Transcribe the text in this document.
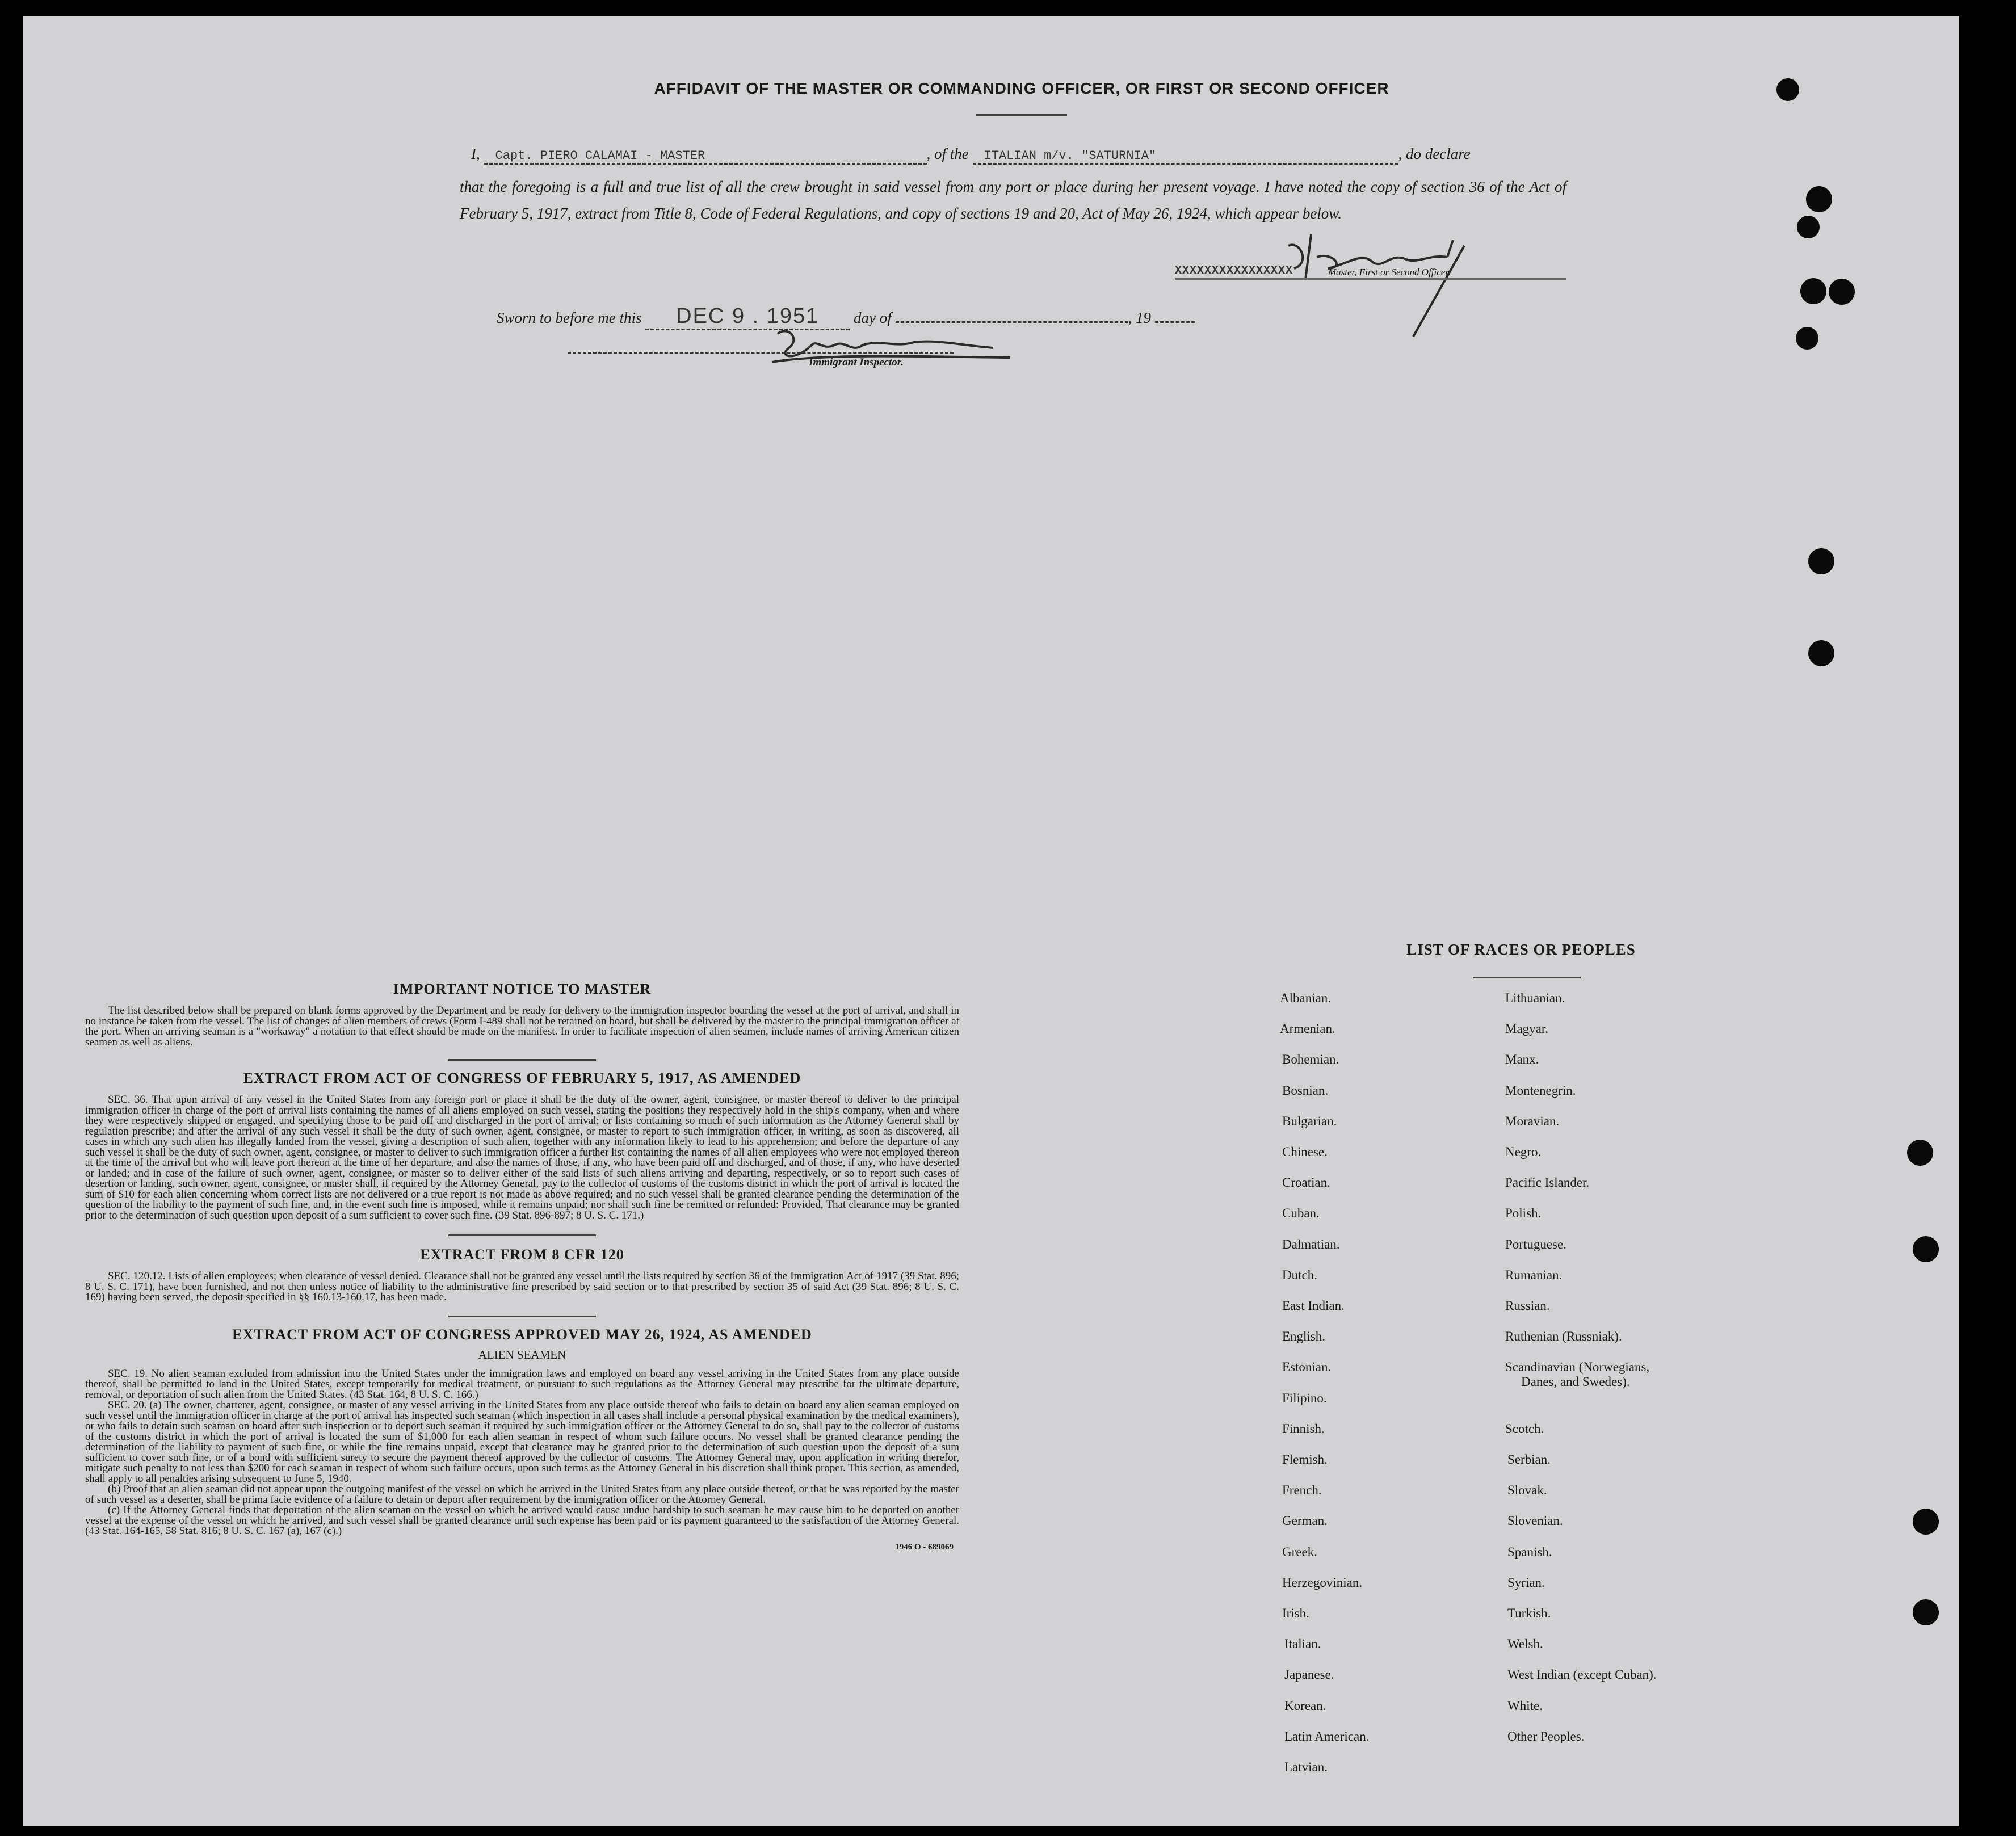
AFFIDAVIT OF THE MASTER OR COMMANDING OFFICER, OR FIRST OR SECOND OFFICER
I, Capt. PIERO CALAMAI - MASTER	, of the ITALIAN m/v. "SATURNIA"	, do declare
that the foregoing is a full and true list of all the crew brought in said vessel from any port or place during her present voyage. I have noted the copy of section 36 of the Act of February 5, 1917, extract from Title 8, Code of Federal Regulations, and copy of sections 19 and 20, Act of May 26, 1924, which appear below.
XXXXXXXXXXXXXXXX	Master, First or Second Officer.
Sworn to before me this DEC 9 . 1951 day of	, 19
Immigrant Inspector.
IMPORTANT NOTICE TO MASTER

The list described below shall be prepared on blank forms approved by the Department and be ready for delivery to the immigration inspector boarding the vessel at the port of arrival, and shall in no instance be taken from the vessel. The list of changes of alien members of crews (Form I-489 shall not be retained on board, but shall be delivered by the master to the principal immigration officer at the port. When an arriving seaman is a "workaway" a notation to that effect should be made on the manifest. In order to facilitate inspection of alien seamen, include names of arriving American citizen seamen as well as aliens.

EXTRACT FROM ACT OF CONGRESS OF FEBRUARY 5, 1917, AS AMENDED

SEC. 36. That upon arrival of any vessel in the United States from any foreign port or place it shall be the duty of the owner, agent, consignee, or master thereof to deliver to the principal immigration officer in charge of the port of arrival lists containing the names of all aliens employed on such vessel, stating the positions they respectively hold in the ship's company, when and where they were respectively shipped or engaged, and specifying those to be paid off and discharged in the port of arrival; or lists containing so much of such information as the Attorney General shall by regulation prescribe; and after the arrival of any such vessel it shall be the duty of such owner, agent, consignee, or master to report to such immigration officer, in writing, as soon as discovered, all cases in which any such alien has illegally landed from the vessel, giving a description of such alien, together with any information likely to lead to his apprehension; and before the departure of any such vessel it shall be the duty of such owner, agent, consignee, or master to deliver to such immigration officer a further list containing the names of all alien employees who were not employed thereon at the time of the arrival but who will leave port thereon at the time of her departure, and also the names of those, if any, who have been paid off and discharged, and of those, if any, who have deserted or landed; and in case of the failure of such owner, agent, consignee, or master so to deliver either of the said lists of such aliens arriving and departing, respectively, or so to report such cases of desertion or landing, such owner, agent, consignee, or master shall, if required by the Attorney General, pay to the collector of customs of the customs district in which the port of arrival is located the sum of $10 for each alien concerning whom correct lists are not delivered or a true report is not made as above required; and no such vessel shall be granted clearance pending the determination of the question of the liability to the payment of such fine, and, in the event such fine is imposed, while it remains unpaid; nor shall such fine be remitted or refunded: Provided, That clearance may be granted prior to the determination of such question upon deposit of a sum sufficient to cover such fine. (39 Stat. 896-897; 8 U. S. C. 171.)

EXTRACT FROM 8 CFR 120

SEC. 120.12. Lists of alien employees; when clearance of vessel denied. Clearance shall not be granted any vessel until the lists required by section 36 of the Immigration Act of 1917 (39 Stat. 896; 8 U. S. C. 171), have been furnished, and not then unless notice of liability to the administrative fine prescribed by said section or to that prescribed by section 35 of said Act (39 Stat. 896; 8 U. S. C. 169) having been served, the deposit specified in §§ 160.13-160.17, has been made.

EXTRACT FROM ACT OF CONGRESS APPROVED MAY 26, 1924, AS AMENDED
ALIEN SEAMEN

SEC. 19. No alien seaman excluded from admission into the United States under the immigration laws and employed on board any vessel arriving in the United States from any place outside thereof, shall be permitted to land in the United States, except temporarily for medical treatment, or pursuant to such regulations as the Attorney General may prescribe for the ultimate departure, removal, or deportation of such alien from the United States. (43 Stat. 164, 8 U. S. C. 166.)

SEC. 20. (a) The owner, charterer, agent, consignee, or master of any vessel arriving in the United States from any place outside thereof who fails to detain on board any alien seaman employed on such vessel until the immigration officer in charge at the port of arrival has inspected such seaman (which inspection in all cases shall include a personal physical examination by the medical examiners), or who fails to detain such seaman on board after such inspection or to deport such seaman if required by such immigration officer or the Attorney General to do so, shall pay to the collector of customs of the customs district in which the port of arrival is located the sum of $1,000 for each alien seaman in respect of whom such failure occurs. No vessel shall be granted clearance pending the determination of the liability to payment of such fine, or while the fine remains unpaid, except that clearance may be granted prior to the determination of such question upon the deposit of a sum sufficient to cover such fine, or of a bond with sufficient surety to secure the payment thereof approved by the collector of customs. The Attorney General may, upon application in writing therefor, mitigate such penalty to not less than $200 for each seaman in respect of whom such failure occurs, upon such terms as the Attorney General in his discretion shall think proper. This section, as amended, shall apply to all penalties arising subsequent to June 5, 1940.

(b) Proof that an alien seaman did not appear upon the outgoing manifest of the vessel on which he arrived in the United States from any place outside thereof, or that he was reported by the master of such vessel as a deserter, shall be prima facie evidence of a failure to detain or deport after requirement by the immigration officer or the Attorney General.

(c) If the Attorney General finds that deportation of the alien seaman on the vessel on which he arrived would cause undue hardship to such seaman he may cause him to be deported on another vessel at the expense of the vessel on which he arrived, and such vessel shall be granted clearance until such expense has been paid or its payment guaranteed to the satisfaction of the Attorney General. (43 Stat. 164-165, 58 Stat. 816; 8 U. S. C. 167 (a), 167 (c).)

1946 O - 689069
LIST OF RACES OR PEOPLES
Albanian.
Armenian.
Bohemian.
Bosnian.
Bulgarian.
Chinese.
Croatian.
Cuban.
Dalmatian.
Dutch.
East Indian.
English.
Estonian.
Filipino.
Finnish.
Flemish.
French.
German.
Greek.
Herzegovinian.
Irish.
Italian.
Japanese.
Korean.
Latin American.
Latvian.
Lithuanian.
Magyar.
Manx.
Montenegrin.
Moravian.
Negro.
Pacific Islander.
Polish.
Portuguese.
Rumanian.
Russian.
Ruthenian (Russniak).
Scandinavian (Norwegians,
Danes, and Swedes).
Scotch.
Serbian.
Slovak.
Slovenian.
Spanish.
Syrian.
Turkish.
Welsh.
West Indian (except Cuban).
White.
Other Peoples.
